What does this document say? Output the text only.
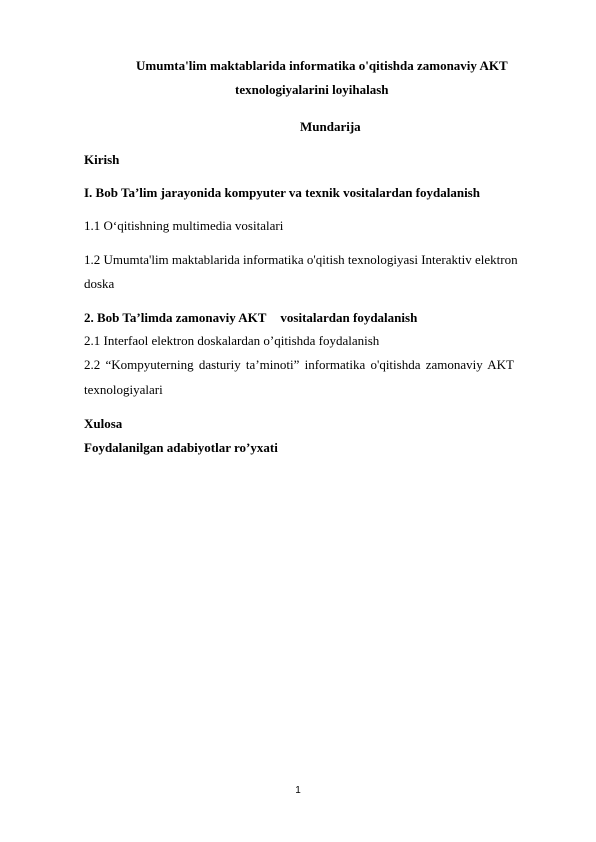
Umumta'lim maktablarida informatika o'qitishda zamonaviy AKT
texnologiyalarini loyihalash
Mundarija
Kirish
I. Bob Ta’lim jarayonida kompyuter va texnik vositalardan foydalanish
1.1 O‘qitishning multimedia vositalari
1.2 Umumta'lim maktablarida informatika o'qitish texnologiyasi Interaktiv elektron
doska
2. Bob Ta’limda zamonaviy AKT vositalardan foydalanish
2.1 Interfaol elektron doskalardan o’qitishda foydalanish
2.2 “Kompyuterning dasturiy ta’minoti” informatika o'qitishda zamonaviy AKT
texnologiyalari
Xulosa
Foydalanilgan adabiyotlar ro’yxati
1
